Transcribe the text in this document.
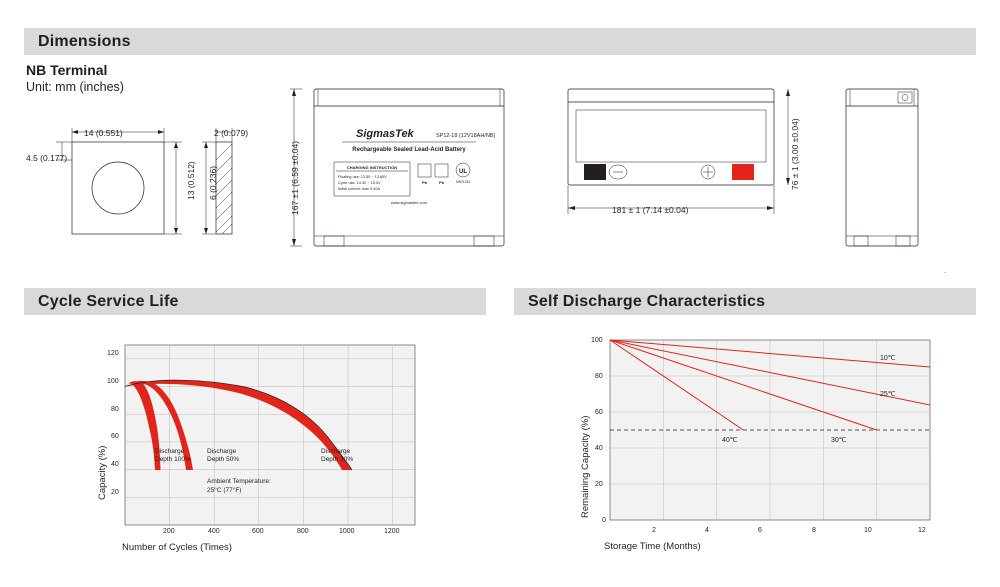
Dimensions
Cycle Service Life	Self Discharge Characteristics
NB Terminal
Unit: mm (inches)
14 (0.551)
4.5 (0.177)
13 (0.512)
2 (0.079)
6 (0.236)
SigmasTek	SP12-18 (12V18AH/NB)
Rechargeable Sealed Lead-Acid Battery
CHARGING INSTRUCTION
Floating use: 13.50 ~ 13.80V
Cycle use: 14.40 ~ 15.0V
Initial current: max 5.40A
Pb	Pb
UL
MH21234
www.sigmastek.com
167 ±1 (6.59 ±0.04)	181 ± 1 (7.14 ±0.04)
76 ± 1 (3.00 ±0.04)
.
Discharge
Depth 100%
Discharge
Depth 50%
Discharge
Depth 30%
Ambient Temperature:
25°C (77°F)
120
100
80
60
40
20
200	400	600	800	1000	1200
Capacity (%)
Number of Cycles (Times)
10℃
25℃
30℃
40℃
100
80
60
40
20
0
2	4	6	8	10	12
Remaining Capacity (%)
Storage Time (Months)
